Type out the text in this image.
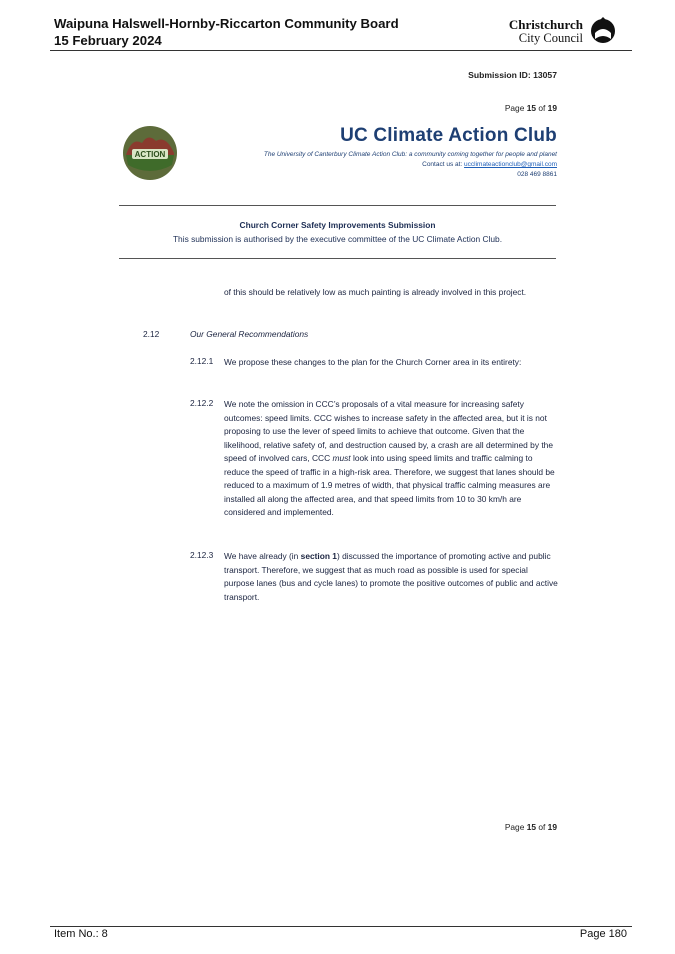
Waipuna Halswell-Hornby-Riccarton Community Board
15 February 2024
Christchurch
City Council
Submission ID: 13057
Page 15 of 19
ACTION
UC Climate Action Club
The University of Canterbury Climate Action Club: a community coming together for people and planet
Contact us at: ucclimateactionclub@gmail.com
028 469 8861
Church Corner Safety Improvements Submission
This submission is authorised by the executive committee of the UC Climate Action Club.
of this should be relatively low as much painting is already involved in this project.
2.12	Our General Recommendations
2.12.1 We propose these changes to the plan for the Church Corner area in its entirety:
2.12.2 We note the omission in CCC’s proposals of a vital measure for increasing safety outcomes: speed limits. CCC wishes to increase safety in the affected area, but it is not proposing to use the lever of speed limits to achieve that outcome. Given that the likelihood, relative safety of, and destruction caused by, a crash are all determined by the speed of involved cars, CCC must look into using speed limits and traffic calming to reduce the speed of traffic in a high-risk area. Therefore, we suggest that lanes should be reduced to a maximum of 1.9 metres of width, that physical traffic calming measures are installed all along the affected area, and that speed limits from 10 to 30 km/h are considered and implemented.
2.12.3 We have already (in section 1) discussed the importance of promoting active and public transport. Therefore, we suggest that as much road as possible is used for special purpose lanes (bus and cycle lanes) to promote the positive outcomes of public and active transport.
Page 15 of 19
Item No.: 8	Page 180
